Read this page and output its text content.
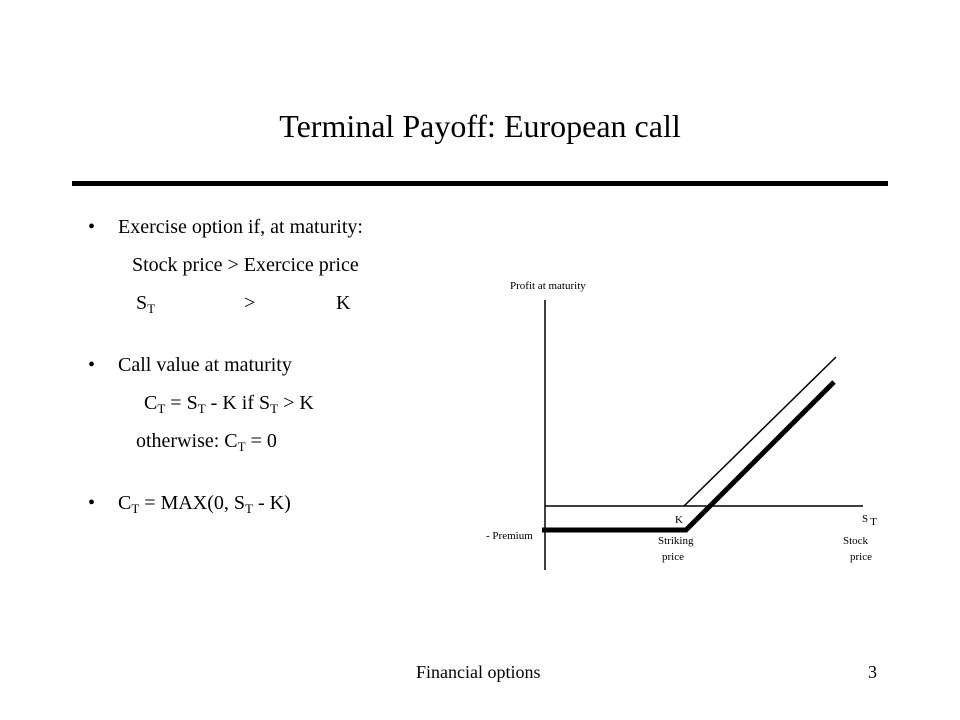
Terminal Payoff: European call
• Exercise option if, at maturity:
Stock price > Exercice price
$S_T$	>	K
• Call value at maturity
$C_T = S_T - K$ if $S_T > K$
otherwise: $C_T = 0$
• $C_T = MAX(0$, $S_T - K$)
Profit at maturity
- Premium
K
Striking
price
S T
Stock
price
Financial options	3
